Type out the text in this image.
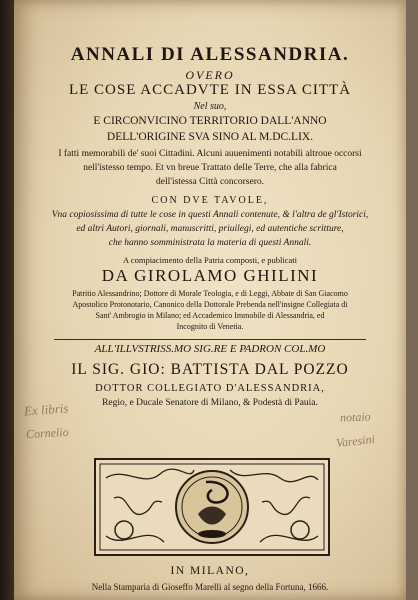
ANNALI DI ALESSANDRIA.
OVERO
LE COSE ACCADVTE IN ESSA CITTÀ
Nel suo,
E CIRCONVICINO TERRITORIO DALL'ANNO
DELL'ORIGINE SVA SINO AL M.DC.LIX.
I fatti memorabili de' suoi Cittadini. Alcuni auuenimenti notabili altroue occorsi
nell'istesso tempo. Et vn breue Trattato delle Terre, che alla fabrica
dell'istessa Città concorsero.
CON DVE TAVOLE,
Vna copiosissima di tutte le cose in questi Annali contenute, & l'altra de gl'Istorici,
ed altri Autori, giornali, manuscritti, priuilegi, ed autentiche scritture,
che hanno somministrata la materia di questi Annali.
A compiacimento della Patria composti, e publicati
DA GIROLAMO GHILINI
Patritio Alessandrino; Dottore di Morale Teologia, e di Leggi, Abbate di San Giacomo
Apostolico Protonotario, Canonico della Dottorale Prebenda nell'insigne Collegiata di
Sant' Ambrogio in Milano; ed Accademico Immobile di Alessandria, ed
Incognito di Venetia.
ALL'ILLVSTRISS.MO SIG.RE E PADRON COL.MO
IL SIG. GIO: BATTISTA DAL POZZO
DOTTOR COLLEGIATO D'ALESSANDRIA,
Regio, e Ducale Senatore di Milano, & Podestà di Pauia.
Ex libris
Cornelio
notaio
Varesini
IN MILANO,
Nella Stamparia di Gioseffo Marelli al segno della Fortuna, 1666.
